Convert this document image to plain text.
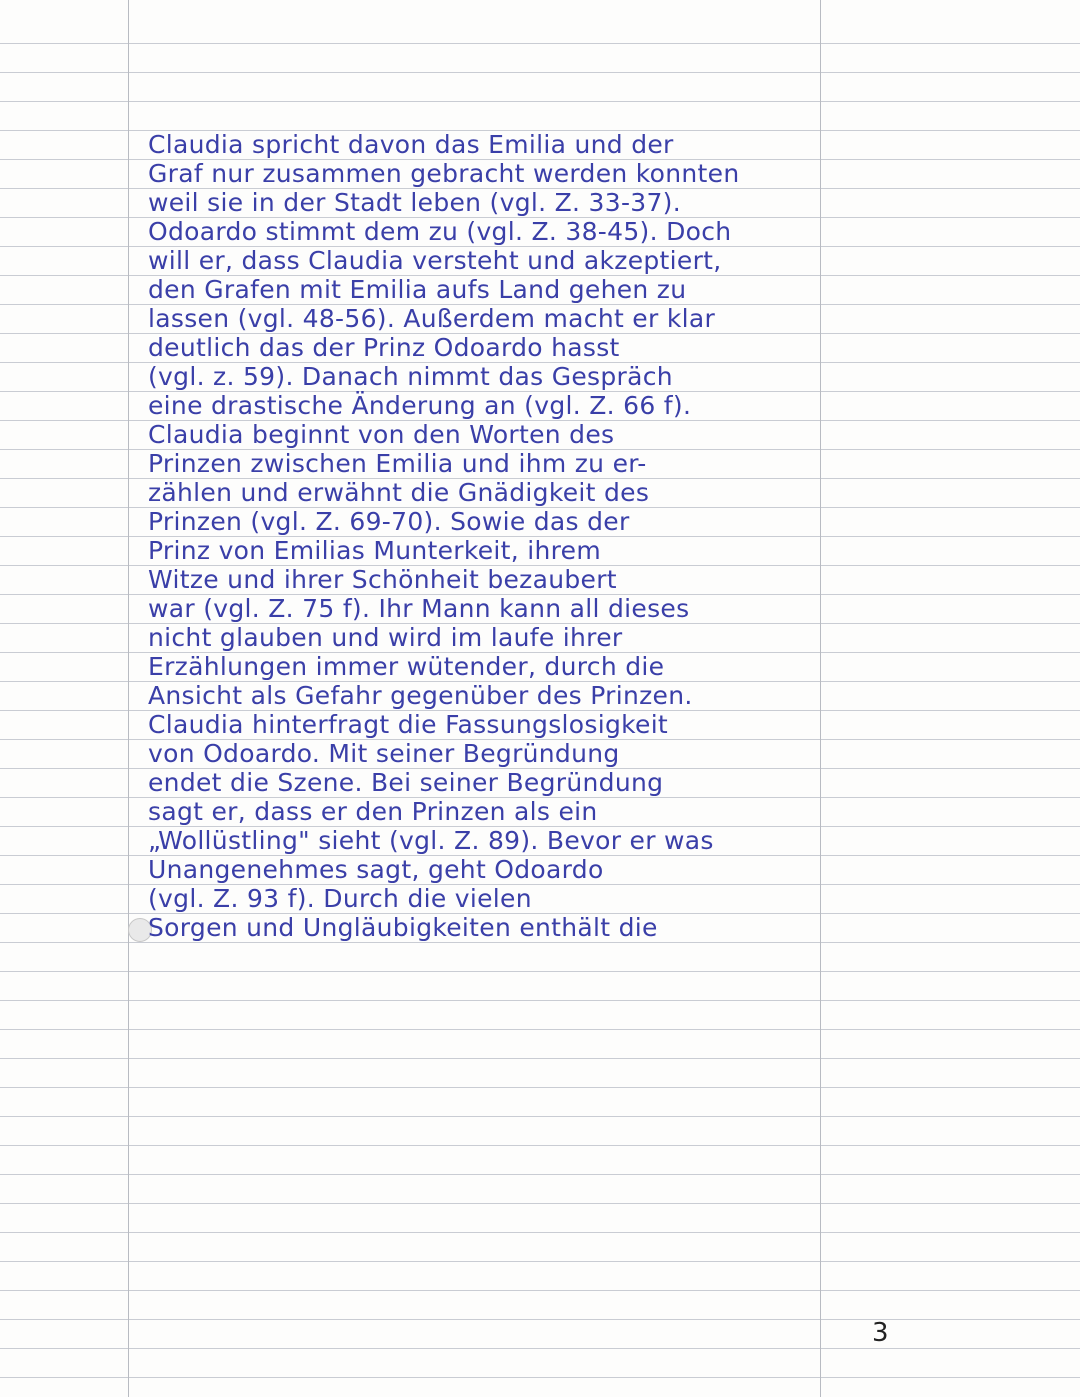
Claudia spricht davon das Emilia und der
Graf nur zusammen gebracht werden konnten
weil sie in der Stadt leben (vgl. Z. 33-37).
Odoardo stimmt dem zu (vgl. Z. 38-45). Doch
will er, dass Claudia versteht und akzeptiert,
den Grafen mit Emilia aufs Land gehen zu
lassen (vgl. 48-56). Außerdem macht er klar
deutlich das der Prinz Odoardo hasst
(vgl. z. 59). Danach nimmt das Gespräch
eine drastische Änderung an (vgl. Z. 66 f).
Claudia beginnt von den Worten des
Prinzen zwischen Emilia und ihm zu er-
zählen und erwähnt die Gnädigkeit des
Prinzen (vgl. Z. 69-70). Sowie das der
Prinz von Emilias Munterkeit, ihrem
Witze und ihrer Schönheit bezaubert
war (vgl. Z. 75 f). Ihr Mann kann all dieses
nicht glauben und wird im laufe ihrer
Erzählungen immer wütender, durch die
Ansicht als Gefahr gegenüber des Prinzen.
Claudia hinterfragt die Fassungslosigkeit
von Odoardo. Mit seiner Begründung
endet die Szene. Bei seiner Begründung
sagt er, dass er den Prinzen als ein
„Wollüstling" sieht (vgl. Z. 89). Bevor er was
Unangenehmes sagt, geht Odoardo
(vgl. Z. 93 f). Durch die vielen
Sorgen und Ungläubigkeiten enthält die
3
